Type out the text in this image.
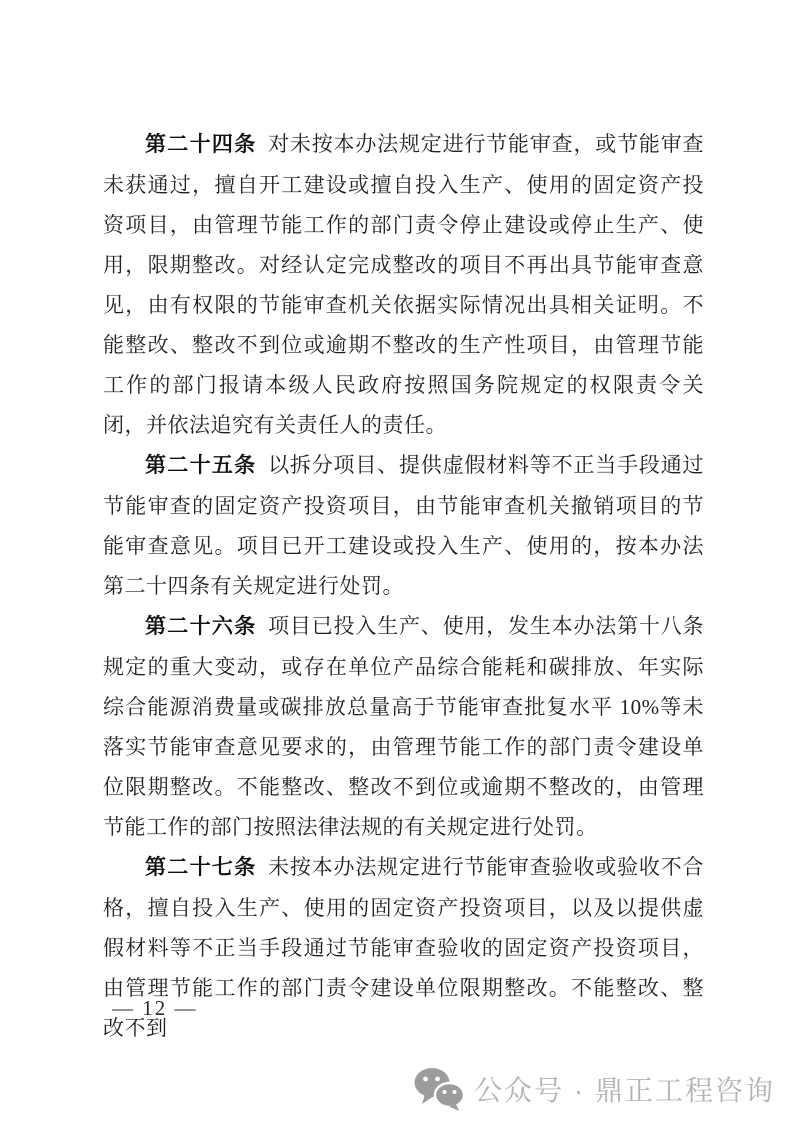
第二十四条 对未按本办法规定进行节能审查，或节能审查未获通过，擅自开工建设或擅自投入生产、使用的固定资产投资项目，由管理节能工作的部门责令停止建设或停止生产、使用，限期整改。对经认定完成整改的项目不再出具节能审查意见，由有权限的节能审查机关依据实际情况出具相关证明。不能整改、整改不到位或逾期不整改的生产性项目，由管理节能工作的部门报请本级人民政府按照国务院规定的权限责令关闭，并依法追究有关责任人的责任。

第二十五条 以拆分项目、提供虚假材料等不正当手段通过节能审查的固定资产投资项目，由节能审查机关撤销项目的节能审查意见。项目已开工建设或投入生产、使用的，按本办法第二十四条有关规定进行处罚。

第二十六条 项目已投入生产、使用，发生本办法第十八条规定的重大变动，或存在单位产品综合能耗和碳排放、年实际综合能源消费量或碳排放总量高于节能审查批复水平 10%等未落实节能审查意见要求的，由管理节能工作的部门责令建设单位限期整改。不能整改、整改不到位或逾期不整改的，由管理节能工作的部门按照法律法规的有关规定进行处罚。

第二十七条 未按本办法规定进行节能审查验收或验收不合格，擅自投入生产、使用的固定资产投资项目，以及以提供虚假材料等不正当手段通过节能审查验收的固定资产投资项目，由管理节能工作的部门责令建设单位限期整改。不能整改、整改不到

— 12 —
公众号 · 鼎正工程咨询
